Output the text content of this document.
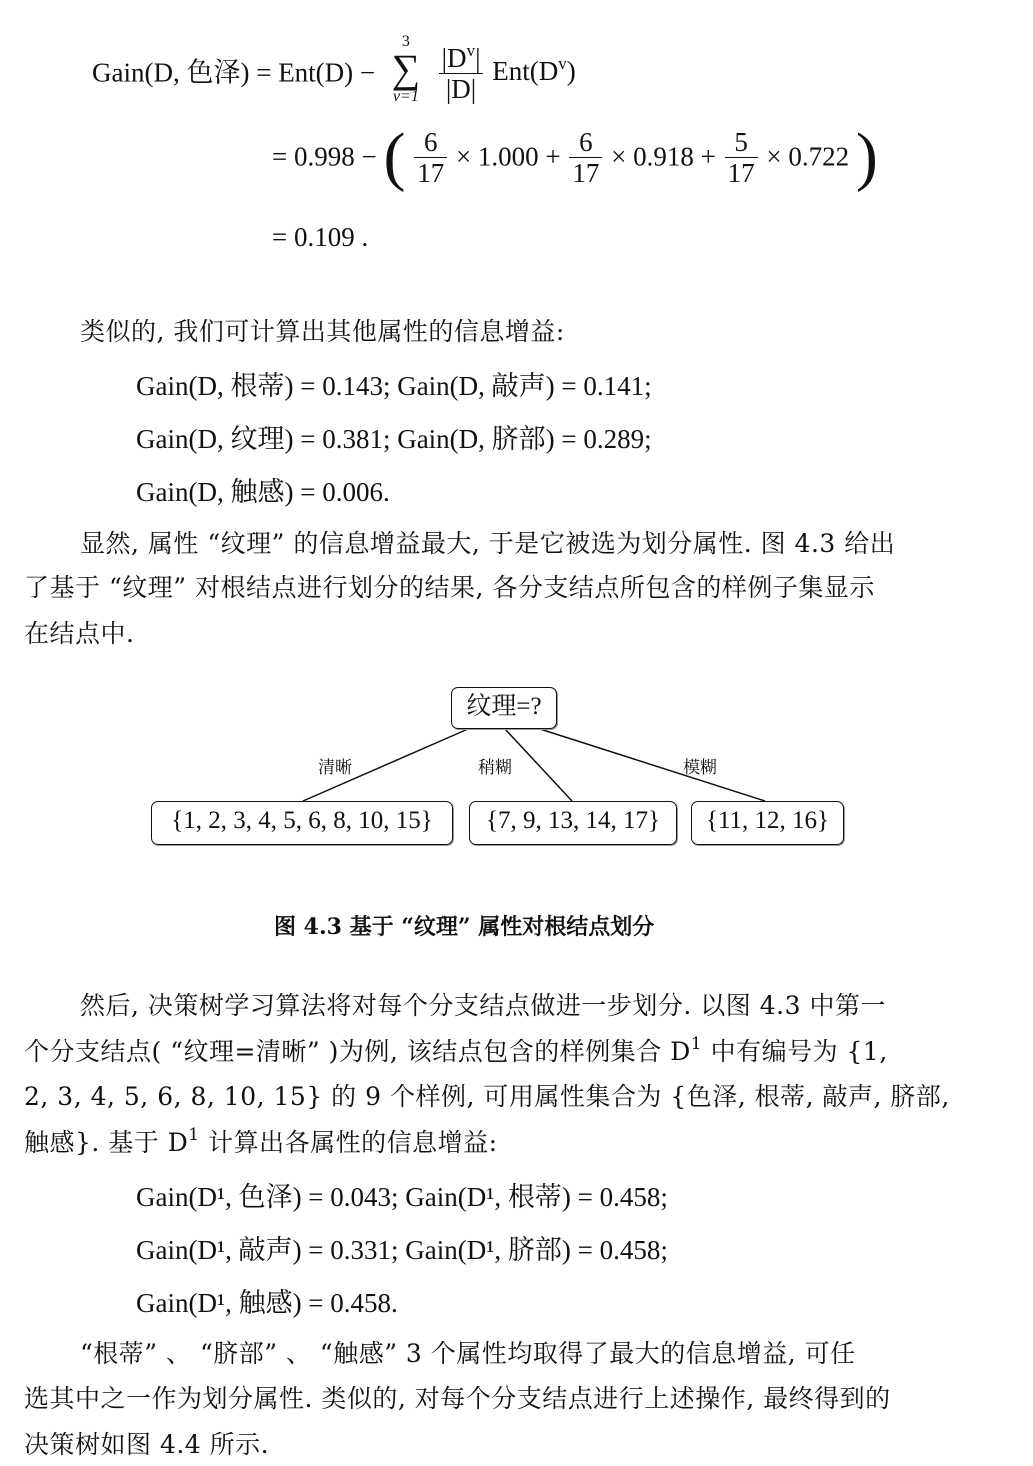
Gain(D, 色泽) = Ent(D) −
3
∑
v=1
$\frac{|D^v|}{|D|} Ent(D^v)$
= 0.998 − ( $\frac{6}{17} \times 1.000 + \frac{6}{17} \times 0.918 + \frac{5}{17} \times 0.722$ )
= 0.109 .
类似的, 我们可计算出其他属性的信息增益:
Gain(D, 根蒂) = 0.143; Gain(D, 敲声) = 0.141;
Gain(D, 纹理) = 0.381; Gain(D, 脐部) = 0.289;
Gain(D, 触感) = 0.006.
显然, 属性 “纹理” 的信息增益最大, 于是它被选为划分属性. 图 4.3 给出
了基于 “纹理” 对根结点进行划分的结果, 各分支结点所包含的样例子集显示
在结点中.
纹理=?
清晰	稍糊	模糊
{1, 2, 3, 4, 5, 6, 8, 10, 15}	{7, 9, 13, 14, 17}	{11, 12, 16}
图 4.3 基于 “纹理” 属性对根结点划分
然后, 决策树学习算法将对每个分支结点做进一步划分. 以图 4.3 中第一
个分支结点( “纹理=清晰” )为例, 该结点包含的样例集合 $D^1$ 中有编号为 {1,
2, 3, 4, 5, 6, 8, 10, 15} 的 9 个样例, 可用属性集合为 {色泽, 根蒂, 敲声, 脐部,
触感}. 基于 $D^1$ 计算出各属性的信息增益:
Gain(D¹, 色泽) = 0.043; Gain(D¹, 根蒂) = 0.458;
Gain(D¹, 敲声) = 0.331; Gain(D¹, 脐部) = 0.458;
Gain(D¹, 触感) = 0.458.
“根蒂” 、 “脐部” 、 “触感” 3 个属性均取得了最大的信息增益, 可任
选其中之一作为划分属性. 类似的, 对每个分支结点进行上述操作, 最终得到的
决策树如图 4.4 所示.
